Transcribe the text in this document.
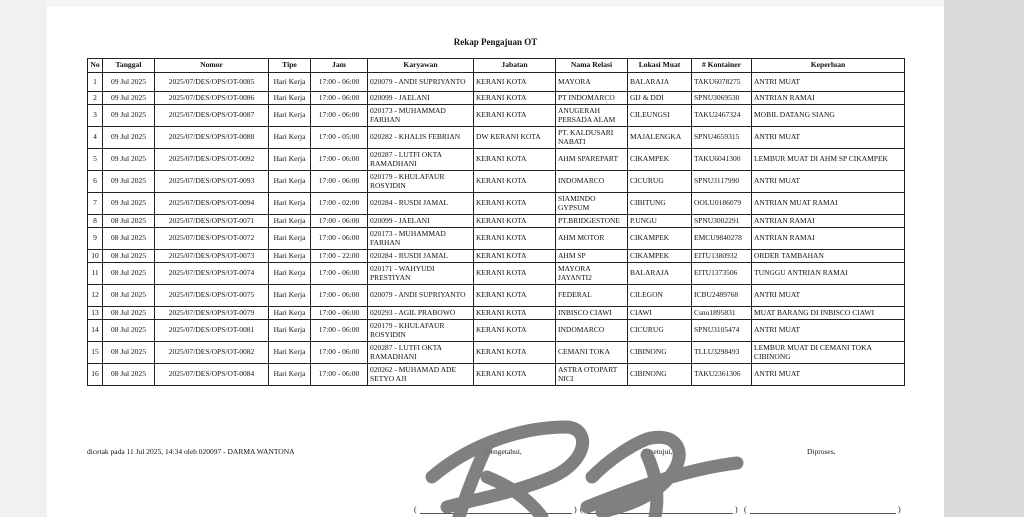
Rekap Pengajuan OT
No	Tanggal	Nomor	Tipe	Jam	Karyawan	Jabatan	Nama Relasi	Lokasi Muat	# Kontainer	Keperluan
1	09 Jul 2025	2025/07/DES/OPS/OT-0085	Hari Kerja	17:00 - 06:00	020079 - ANDI SUPRIYANTO	KERANI KOTA	MAYORA	BALARAJA	TAKU6078275	ANTRI MUAT
2	09 Jul 2025	2025/07/DES/OPS/OT-0086	Hari Kerja	17:00 - 06:00	020099 - JAELANI	KERANI KOTA	PT INDOMARCO	GIJ & DDI	SPNU3069530	ANTRIAN RAMAI
3	09 Jul 2025	2025/07/DES/OPS/OT-0087	Hari Kerja	17:00 - 06:00	020173 - MUHAMMAD FARHAN	KERANI KOTA	ANUGERAH PERSADA ALAM	CILEUNGSI	TAKU2467324	MOBIL DATANG SIANG
4	09 Jul 2025	2025/07/DES/OPS/OT-0088	Hari Kerja	17:00 - 05:00	020282 - KHALIS FEBRIAN	DW KERANI KOTA	PT. KALDUSARI NABATI	MAJALENGKA	SPNU4659315	ANTRI MUAT
5	09 Jul 2025	2025/07/DES/OPS/OT-0092	Hari Kerja	17:00 - 06:00	020287 - LUTFI OKTA RAMADHANI	KERANI KOTA	AHM SPAREPART	CIKAMPEK	TAKU6041300	LEMBUR MUAT DI AHM SP CIKAMPEK
6	09 Jul 2025	2025/07/DES/OPS/OT-0093	Hari Kerja	17:00 - 06:00	020179 - KHULAFAUR ROSYIDIN	KERANI KOTA	INDOMARCO	CICURUG	SPNU3117990	ANTRI MUAT
7	09 Jul 2025	2025/07/DES/OPS/OT-0094	Hari Kerja	17:00 - 02:00	020284 - RUSDI JAMAL	KERANI KOTA	SIAMINDO GYPSUM	CIBITUNG	OOLU0186079	ANTRIAN MUAT RAMAI
8	08 Jul 2025	2025/07/DES/OPS/OT-0071	Hari Kerja	17:00 - 06:00	020099 - JAELANI	KERANI KOTA	PT.BRIDGESTONE	P.UNGU	SPNU3002291	ANTRIAN RAMAI
9	08 Jul 2025	2025/07/DES/OPS/OT-0072	Hari Kerja	17:00 - 06:00	020173 - MUHAMMAD FARHAN	KERANI KOTA	AHM MOTOR	CIKAMPEK	EMCU9840278	ANTRIAN RAMAI
10	08 Jul 2025	2025/07/DES/OPS/OT-0073	Hari Kerja	17:00 - 22:00	020284 - RUSDI JAMAL	KERANI KOTA	AHM SP	CIKAMPEK	EITU1380932	ORDER TAMBAHAN
11	08 Jul 2025	2025/07/DES/OPS/OT-0074	Hari Kerja	17:00 - 06:00	020171 - WAHYUDI PRESTIYAN	KERANI KOTA	MAYORA JAYANTI2	BALARAJA	EITU1373506	TUNGGU ANTRIAN RAMAI
12	08 Jul 2025	2025/07/DES/OPS/OT-0075	Hari Kerja	17:00 - 06:00	020079 - ANDI SUPRIYANTO	KERANI KOTA	FEDERAL	CILEGON	ICBU2489768	ANTRI MUAT
13	08 Jul 2025	2025/07/DES/OPS/OT-0079	Hari Kerja	17:00 - 06:00	020293 - AGIL PRABOWO	KERANI KOTA	INBISCO CIAWI	CIAWI	Csnu1895831	MUAT BARANG DI INBISCO CIAWI
14	08 Jul 2025	2025/07/DES/OPS/OT-0081	Hari Kerja	17:00 - 06:00	020179 - KHULAFAUR ROSYIDIN	KERANI KOTA	INDOMARCO	CICURUG	SPNU3105474	ANTRI MUAT
15	08 Jul 2025	2025/07/DES/OPS/OT-0082	Hari Kerja	17:00 - 06:00	020287 - LUTFI OKTA RAMADHANI	KERANI KOTA	CEMANI TOKA	CIBINONG	TLLU3298493	LEMBUR MUAT DI CEMANI TOKA CIBINONG
16	08 Jul 2025	2025/07/DES/OPS/OT-0084	Hari Kerja	17:00 - 06:00	020262 - MUHAMAD ADE SETYO AJI	KERANI KOTA	ASTRA OTOPART NICI	CIBINONG	TAKU2361306	ANTRI MUAT
dicetak pada 11 Jul 2025, 14:34 oleh 020097 - DARMA WANTONA	Mengetahui,	Disetujui,	Diproses,
(	) (	) (	)
